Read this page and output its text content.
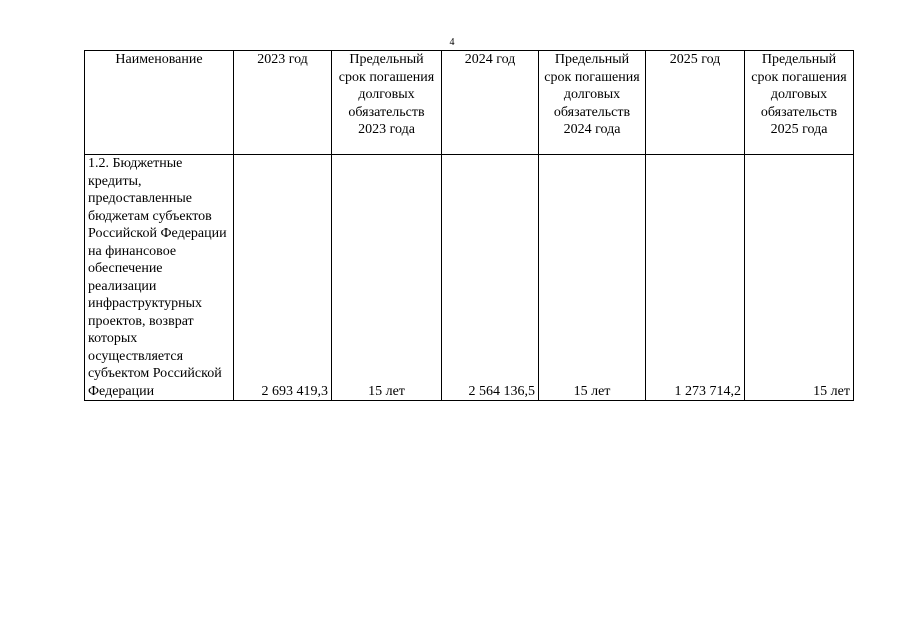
4
Наименование	2023 год	Предельный срок погашения долговых обязательств 2023 года	2024 год	Предельный срок погашения долговых обязательств 2024 года	2025 год	Предельный срок погашения долговых обязательств 2025 года
1.2. Бюджетные кредиты, предоставленные бюджетам субъектов Российской Федерации на финансовое обеспечение реализации инфраструктурных проектов, возврат которых осуществляется субъектом Российской Федерации	2 693 419,3	15 лет	2 564 136,5	15 лет	1 273 714,2	15 лет
